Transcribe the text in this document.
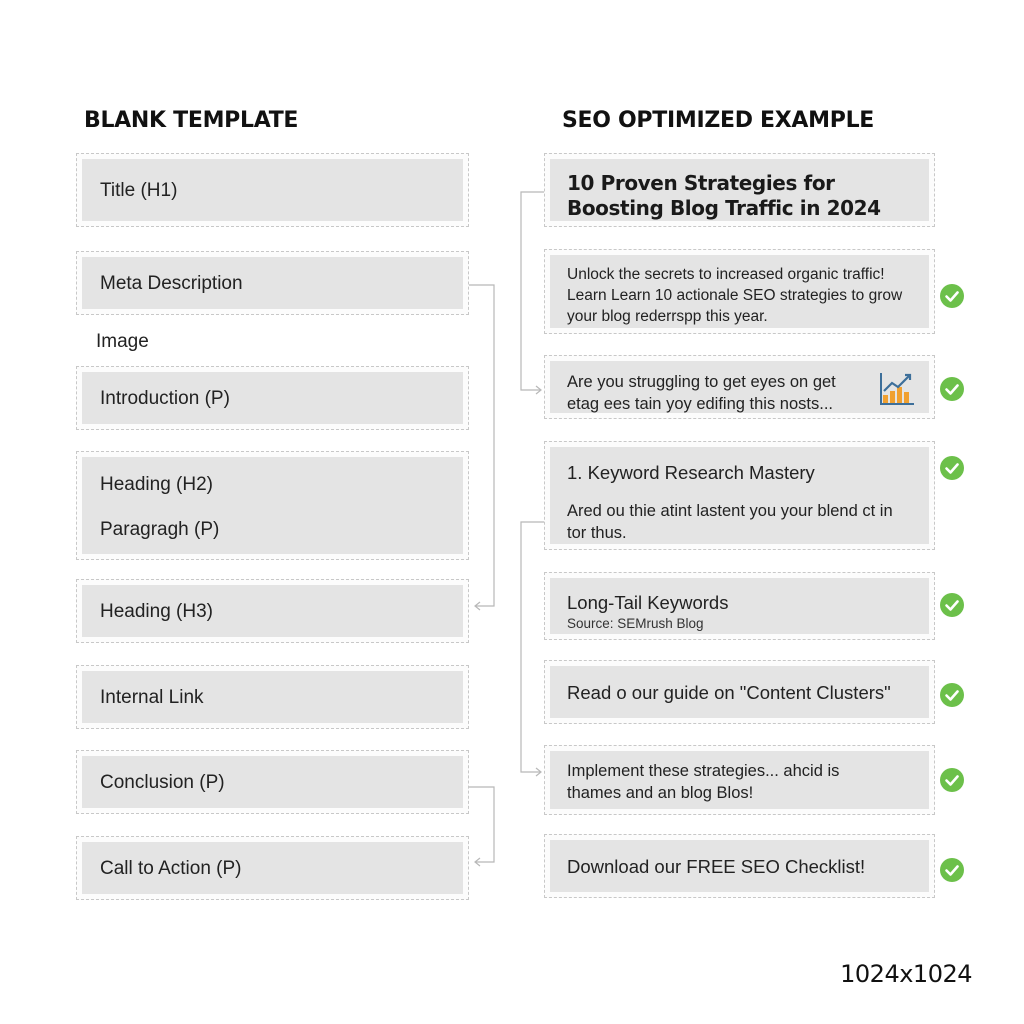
BLANK TEMPLATE	SEO OPTIMIZED EXAMPLE
Title (H1)
Meta Description
Image
Introduction (P)
Heading (H2)
Paragragh (P)
Heading (H3)
Internal Link
Conclusion (P)
Call to Action (P)
10 Proven Strategies for Boosting Blog Traffic in 2024
Unlock the secrets to increased organic traffic! Learn Learn 10 actionale SEO strategies to grow your blog rederrspp this year.
Are you struggling to get eyes on get etag ees tain yoy edifing this nosts...
1. Keyword Research Mastery
Ared ou thie atint lastent you your blend ct in tor thus.
Long-Tail Keywords
Source: SEMrush Blog
Read o our guide on "Content Clusters"
Implement these strategies... ahcid is thames and an blog Blos!
Download our FREE SEO Checklist!
1024x1024
